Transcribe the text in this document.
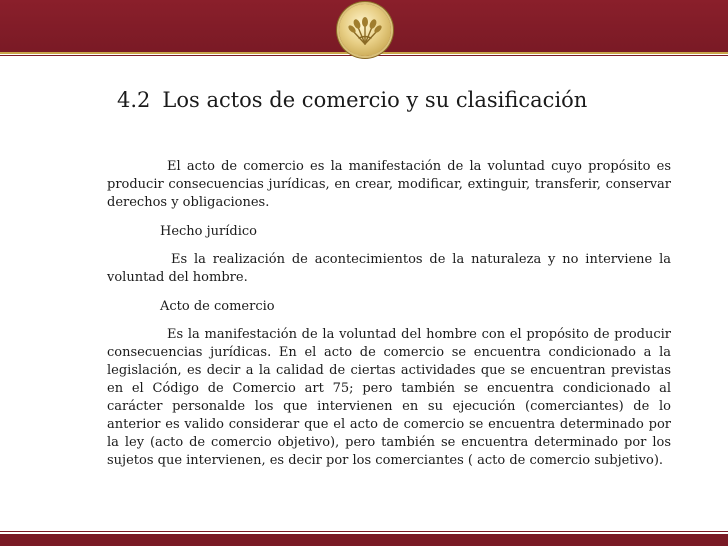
4.2 Los actos de comercio y su clasificación

El acto de comercio es la manifestación de la voluntad cuyo propósito es producir consecuencias jurídicas, en crear, modificar, extinguir, transferir, conservar derechos y obligaciones.

Hecho jurídico

Es la realización de acontecimientos de la naturaleza y no interviene la voluntad del hombre.

Acto de comercio

Es la manifestación de la voluntad del hombre con el propósito de producir consecuencias jurídicas. En el acto de comercio se encuentra condicionado a la legislación, es decir a la calidad de ciertas actividades que se encuentran previstas en el Código de Comercio art 75; pero también se encuentra condicionado al carácter personalde los que intervienen en su ejecución (comerciantes) de lo anterior es valido considerar que el acto de comercio se encuentra determinado por la ley (acto de comercio objetivo), pero también se encuentra determinado por los sujetos que intervienen, es decir por los comerciantes ( acto de comercio subjetivo).
